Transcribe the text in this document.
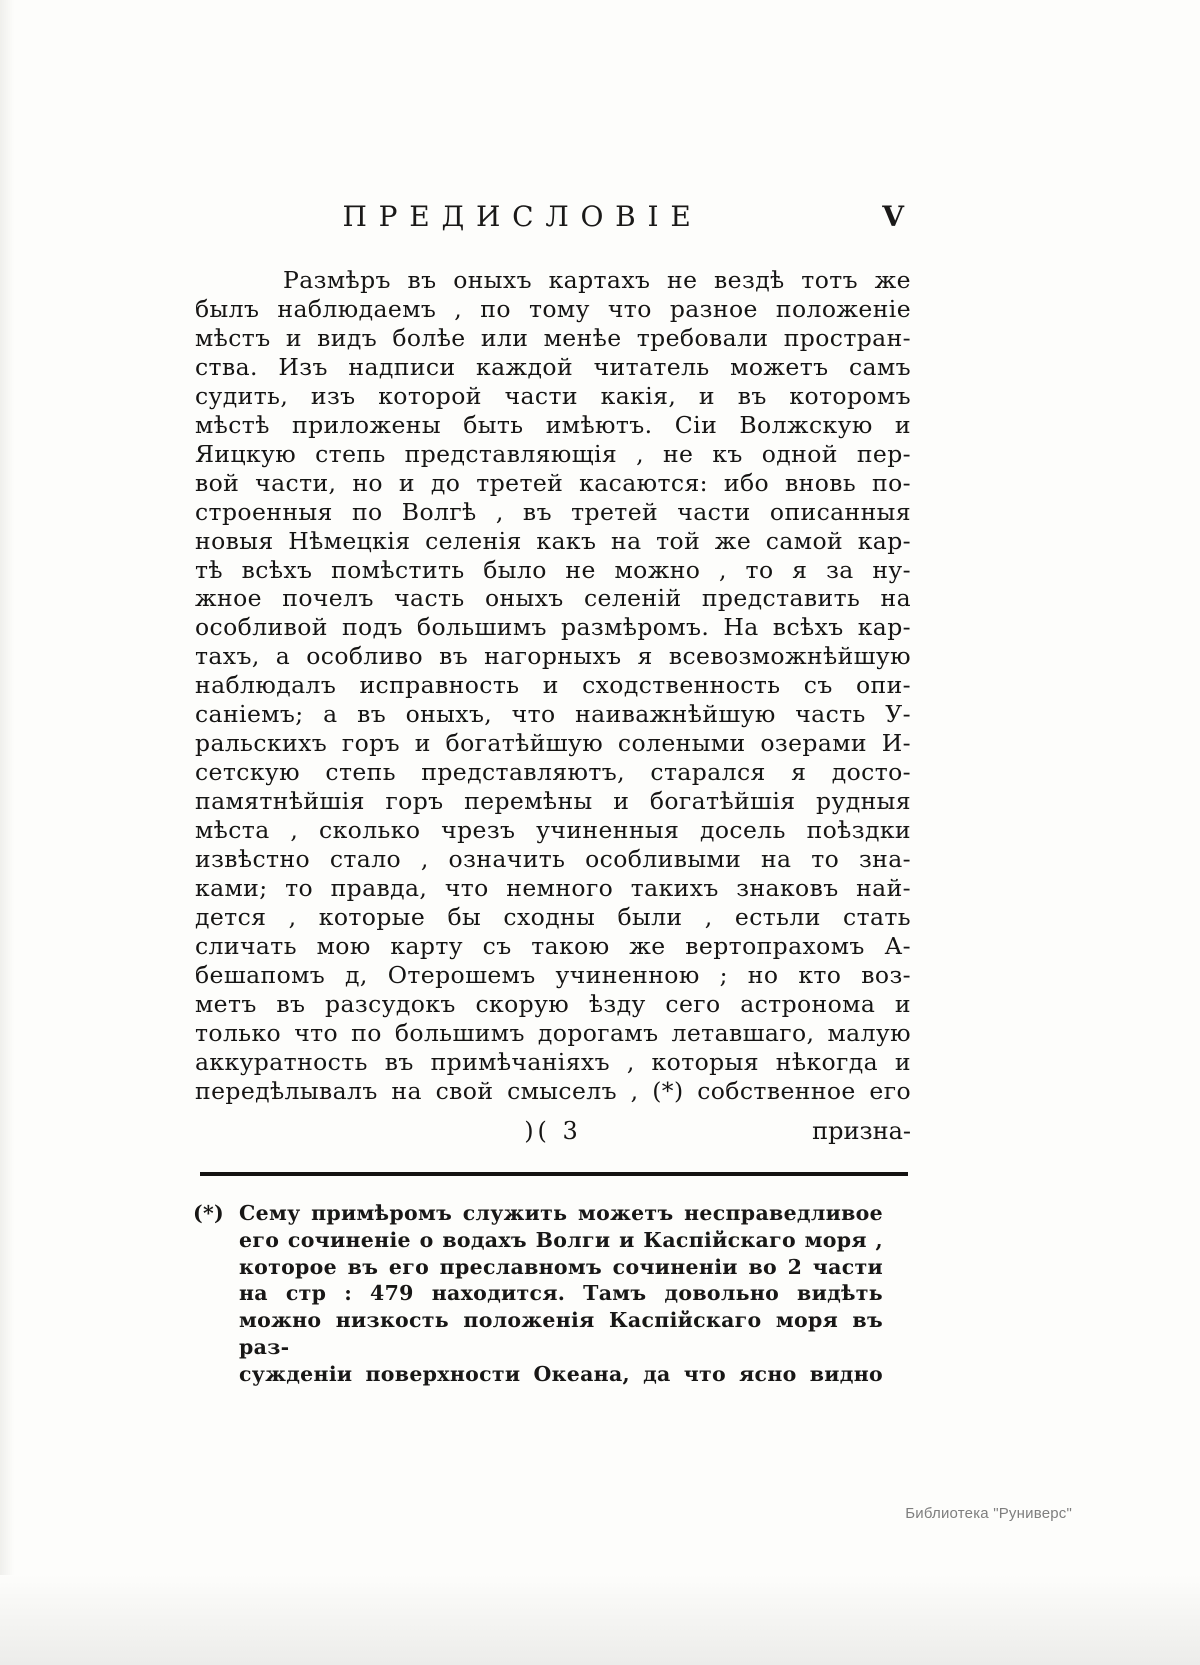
ПРЕДИСЛОВІЕ	V
Размѣръ въ оныхъ картахъ не вездѣ тотъ же
былъ наблюдаемъ , по тому что разное положеніе
мѣстъ и видъ болѣе или менѣе требовали простран-
ства. Изъ надписи каждой читатель можетъ самъ
судить, изъ которой части какія, и въ которомъ
мѣстѣ приложены быть имѣютъ. Сіи Волжскую и
Яицкую степь представляющія , не къ одной пер-
вой части, но и до третей касаются: ибо вновь по-
строенныя по Волгѣ , въ третей части описанныя
новыя Нѣмецкія селенія какъ на той же самой кар-
тѣ всѣхъ помѣстить было не можно , то я за ну-
жное почелъ часть оныхъ селеній представить на
особливой подъ большимъ размѣромъ. На всѣхъ кар-
тахъ, а особливо въ нагорныхъ я всевозможнѣйшую
наблюдалъ исправность и сходственность съ опи-
саніемъ; а въ оныхъ, что наиважнѣйшую часть У-
ральскихъ горъ и богатѣйшую солеными озерами И-
сетскую степь представляютъ, старался я досто-
памятнѣйшія горъ перемѣны и богатѣйшія рудныя
мѣста , сколько чрезъ учиненныя досель поѣздки
извѣстно стало , означить особливыми на то зна-
ками; то правда, что немного такихъ знаковъ най-
дется , которые бы сходны были , естьли стать
сличать мою карту съ такою же вертопрахомъ А-
бешапомъ д, Отерошемъ учиненною ; но кто воз-
метъ въ разсудокъ скорую ѣзду сего астронома и
только что по большимъ дорогамъ летавшаго, малую
аккуратность въ примѣчаніяхъ , которыя нѣкогда и
передѣлывалъ на свой смыселъ , (*) собственное его
)( 3	призна-
(*) Сему примѣромъ служить можетъ несправедливое
его сочиненіе о водахъ Волги и Каспійскаго моря ,
которое въ его преславномъ сочиненіи во 2 части
на стр : 479 находится. Тамъ довольно видѣть
можно низкость положенія Каспійскаго моря въ раз-
сужденіи поверхности Океана, да что ясно видно
Библиотека "Руниверс"
